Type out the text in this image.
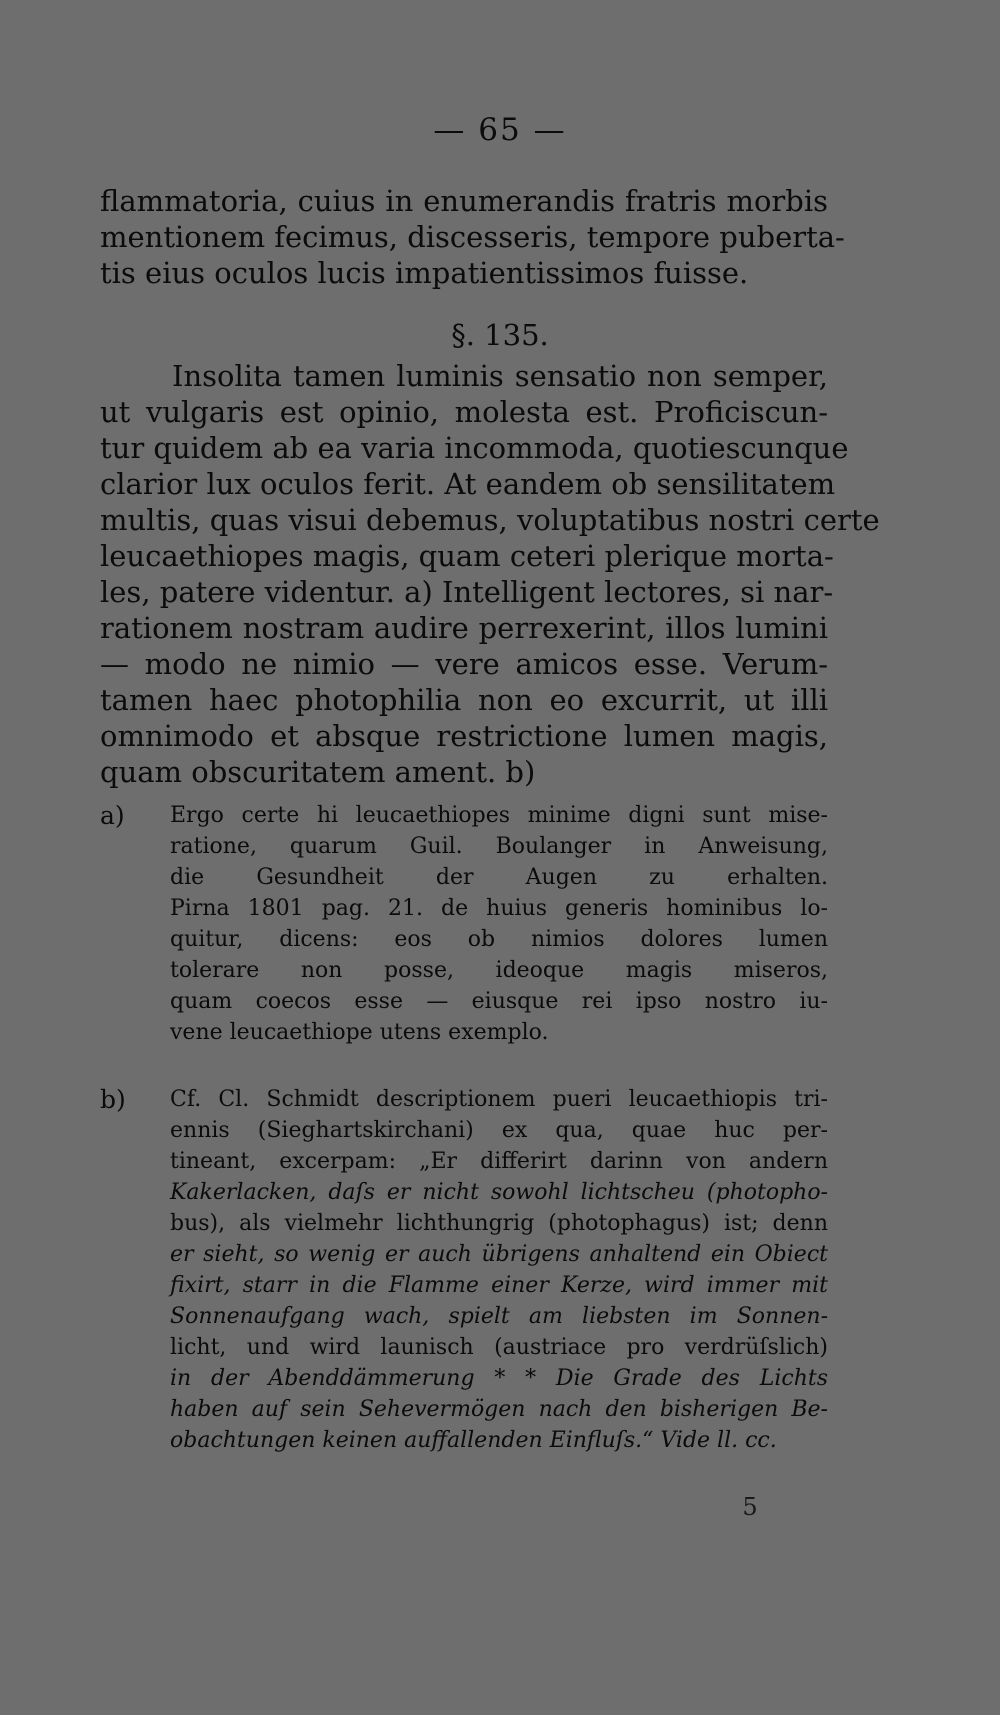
— 65 —
flammatoria, cuius in enumerandis fratris morbis
mentionem fecimus, discesseris, tempore puberta-
tis eius oculos lucis impatientissimos fuisse.
§. 135.
Insolita tamen luminis sensatio non semper,
ut vulgaris est opinio, molesta est. Proficiscun-
tur quidem ab ea varia incommoda, quotiescunque
clarior lux oculos ferit. At eandem ob sensilitatem
multis, quas visui debemus, voluptatibus nostri certe
leucaethiopes magis, quam ceteri plerique morta-
les, patere videntur. a) Intelligent lectores, si nar-
rationem nostram audire perrexerint, illos lumini
— modo ne nimio — vere amicos esse. Verum-
tamen haec photophilia non eo excurrit, ut illi
omnimodo et absque restrictione lumen magis,
quam obscuritatem ament. b)
a)	Ergo certe hi leucaethiopes minime digni sunt mise-
ratione, quarum Guil. Boulanger in Anweisung,
die Gesundheit der Augen zu erhalten.
Pirna 1801 pag. 21. de huius generis hominibus lo-
quitur, dicens: eos ob nimios dolores lumen
tolerare non posse, ideoque magis miseros,
quam coecos esse — eiusque rei ipso nostro iu-
vene leucaethiope utens exemplo.
b)	Cf. Cl. Schmidt descriptionem pueri leucaethiopis tri-
ennis (Sieghartskirchani) ex qua, quae huc per-
tineant, excerpam: „Er differirt darinn von andern
Kakerlacken, daſs er nicht sowohl lichtscheu (photopho-
bus), als vielmehr lichthungrig (photophagus) ist; denn
er sieht, so wenig er auch übrigens anhaltend ein Obiect
fixirt, starr in die Flamme einer Kerze, wird immer mit
Sonnenaufgang wach, spielt am liebsten im Sonnen-
licht, und wird launisch (austriace pro verdrüſslich)
in der Abenddämmerung * * Die Grade des Lichts
haben auf sein Sehevermögen nach den bisherigen Be-
obachtungen keinen auffallenden Einfluſs.“ Vide ll. cc.
5
